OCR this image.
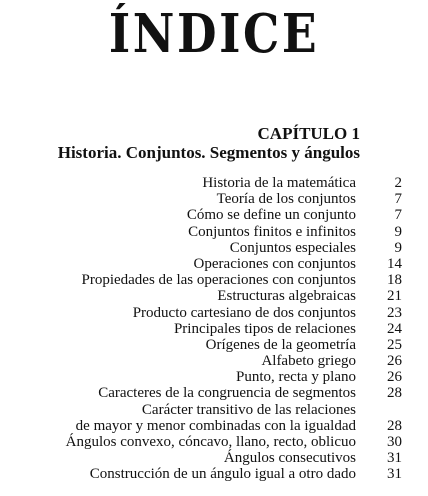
ÍNDICE
CAPÍTULO 1
Historia. Conjuntos. Segmentos y ángulos
Historia de la matemática	2
Teoría de los conjuntos	7
Cómo se define un conjunto	7
Conjuntos finitos e infinitos	9
Conjuntos especiales	9
Operaciones con conjuntos	14
Propiedades de las operaciones con conjuntos	18
Estructuras algebraicas	21
Producto cartesiano de dos conjuntos	23
Principales tipos de relaciones	24
Orígenes de la geometría	25
Alfabeto griego	26
Punto, recta y plano	26
Caracteres de la congruencia de segmentos	28
Carácter transitivo de las relaciones
de mayor y menor combinadas con la igualdad	28
Ángulos convexo, cóncavo, llano, recto, oblicuo	30
Ángulos consecutivos	31
Construcción de un ángulo igual a otro dado	31
